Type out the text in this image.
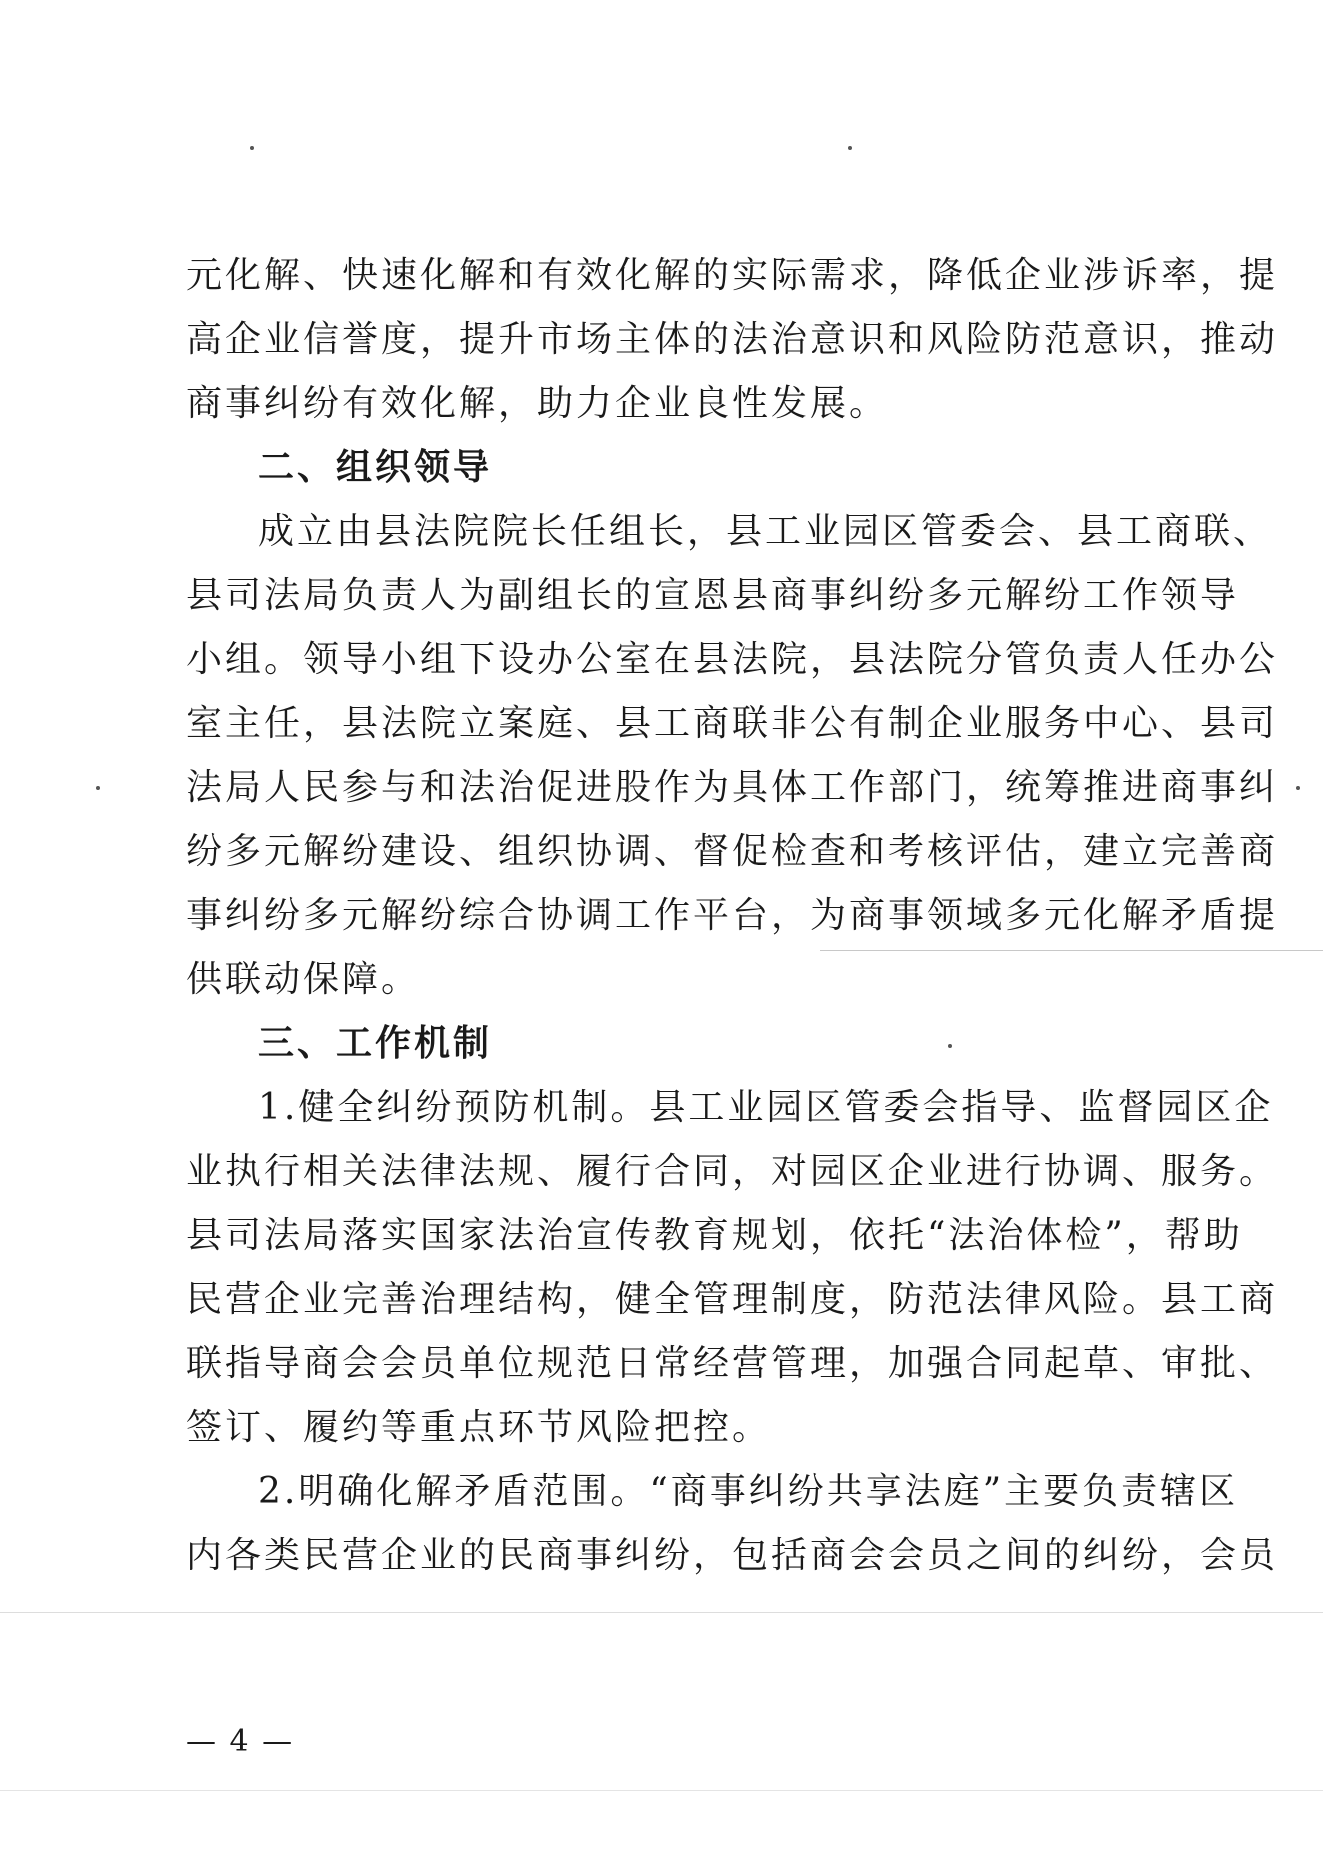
元化解、快速化解和有效化解的实际需求，降低企业涉诉率，提
高企业信誉度，提升市场主体的法治意识和风险防范意识，推动
商事纠纷有效化解，助力企业良性发展。
二、组织领导
成立由县法院院长任组长，县工业园区管委会、县工商联、
县司法局负责人为副组长的宣恩县商事纠纷多元解纷工作领导
小组。领导小组下设办公室在县法院，县法院分管负责人任办公
室主任，县法院立案庭、县工商联非公有制企业服务中心、县司
法局人民参与和法治促进股作为具体工作部门，统筹推进商事纠
纷多元解纷建设、组织协调、督促检查和考核评估，建立完善商
事纠纷多元解纷综合协调工作平台，为商事领域多元化解矛盾提
供联动保障。
三、工作机制
1.健全纠纷预防机制。县工业园区管委会指导、监督园区企
业执行相关法律法规、履行合同，对园区企业进行协调、服务。
县司法局落实国家法治宣传教育规划，依托“法治体检”，帮助
民营企业完善治理结构，健全管理制度，防范法律风险。县工商
联指导商会会员单位规范日常经营管理，加强合同起草、审批、
签订、履约等重点环节风险把控。
2.明确化解矛盾范围。“商事纠纷共享法庭”主要负责辖区
内各类民营企业的民商事纠纷，包括商会会员之间的纠纷，会员
— 4 —
